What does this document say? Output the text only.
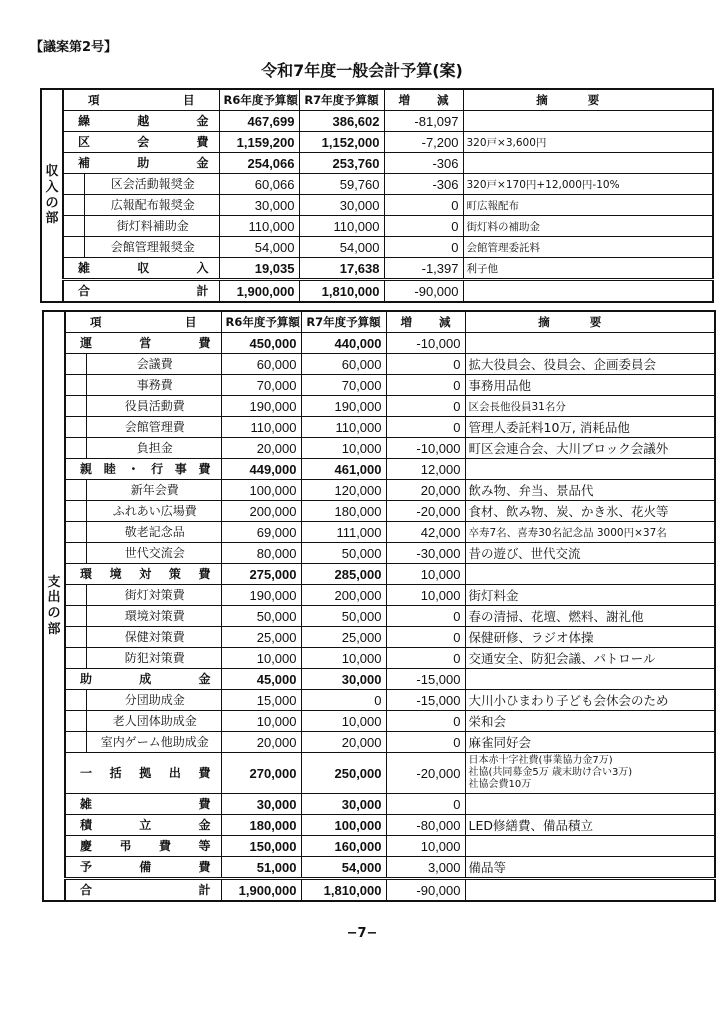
【議案第2号】
令和7年度一般会計予算(案)
収
入
の
部	項目	R6年度予算額	R7年度予算額	増減	摘要

	繰越金	467,699	386,602	-81,097	

	区会費	1,159,200	1,152,000	-7,200	320戸×3,600円

	補助金	254,066	253,760	-306	

	区会活動報奨金	60,066	59,760	-306	320戸×170円+12,000円-10%

	広報配布報奨金	30,000	30,000	0	町広報配布

	街灯料補助金	110,000	110,000	0	街灯料の補助金

	会館管理報奨金	54,000	54,000	0	会館管理委託料

	雑収入	19,035	17,638	-1,397	利子他

	合計	1,900,000	1,810,000	-90,000	
支
出
の
部	項目	R6年度予算額	R7年度予算額	増減	摘要

	運営費	450,000	440,000	-10,000	

	会議費	60,000	60,000	0	拡大役員会、役員会、企画委員会

	事務費	70,000	70,000	0	事務用品他

	役員活動費	190,000	190,000	0	区会長他役員31名分

	会館管理費	110,000	110,000	0	管理人委託料10万, 消耗品他

	負担金	20,000	10,000	-10,000	町区会連合会、大川ブロック会議外

	親睦・行事費	449,000	461,000	12,000	

	新年会費	100,000	120,000	20,000	飲み物、弁当、景品代

	ふれあい広場費	200,000	180,000	-20,000	食材、飲み物、炭、かき氷、花火等

	敬老記念品	69,000	111,000	42,000	卒寿7名、喜寿30名記念品 3000円×37名

	世代交流会	80,000	50,000	-30,000	昔の遊び、世代交流

	環境対策費	275,000	285,000	10,000	

	街灯対策費	190,000	200,000	10,000	街灯料金

	環境対策費	50,000	50,000	0	春の清掃、花壇、燃料、謝礼他

	保健対策費	25,000	25,000	0	保健研修、ラジオ体操

	防犯対策費	10,000	10,000	0	交通安全、防犯会議、パトロール

	助成金	45,000	30,000	-15,000	

	分団助成金	15,000	0	-15,000	大川小ひまわり子ども会休会のため

	老人団体助成金	10,000	10,000	0	栄和会

	室内ゲーム他助成金	20,000	20,000	0	麻雀同好会

	一括拠出費	270,000	250,000	-20,000	日本赤十字社費(事業協力金7万)
社協(共同募金5万 歳末助け合い3万)
社協会費10万

	雑費	30,000	30,000	0	

	積立金	180,000	100,000	-80,000	LED修繕費、備品積立

	慶弔費等	150,000	160,000	10,000	

	予備費	51,000	54,000	3,000	備品等

	合計	1,900,000	1,810,000	-90,000	
−7−
